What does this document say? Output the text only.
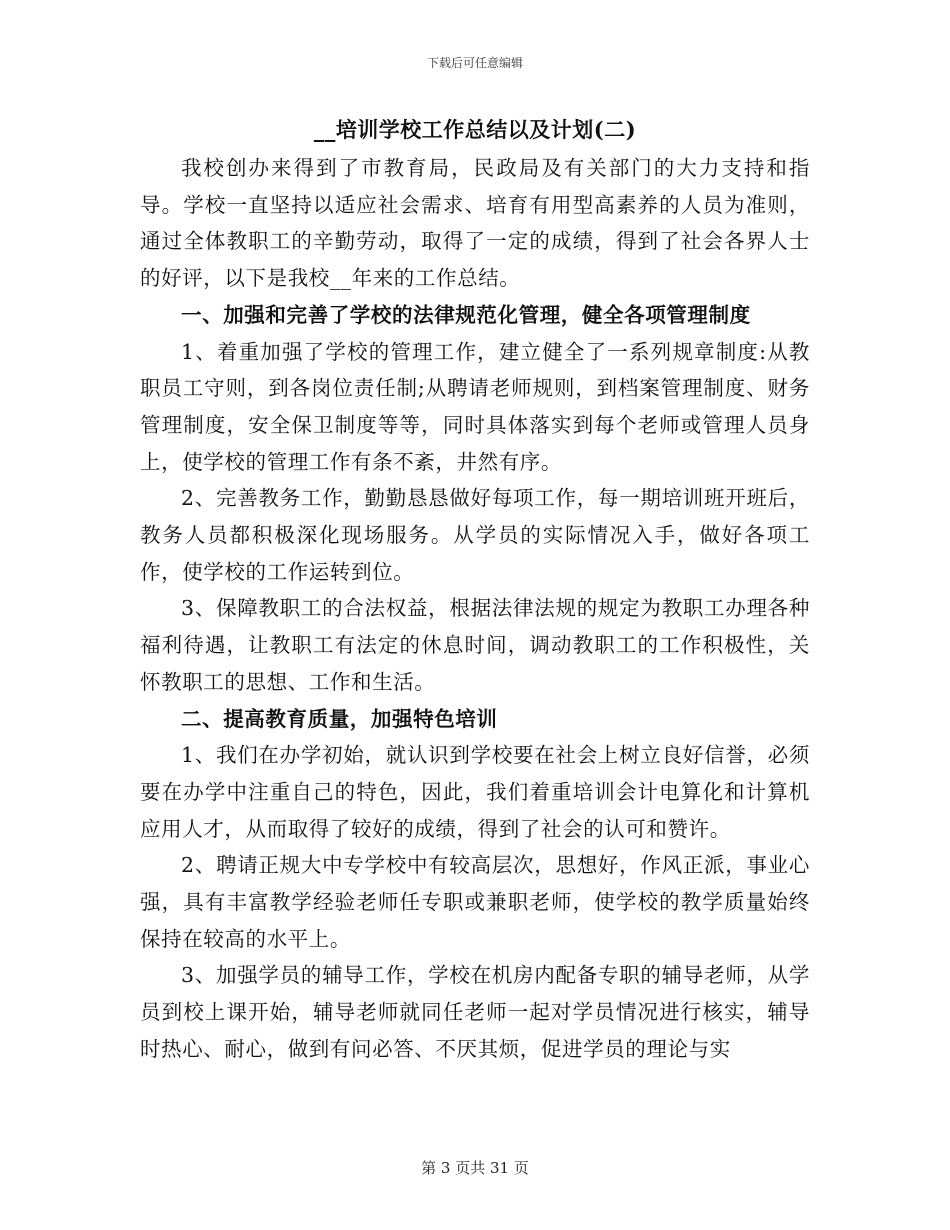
下载后可任意编辑
__培训学校工作总结以及计划(二)

我校创办来得到了市教育局，民政局及有关部门的大力支持和指导。学校一直坚持以适应社会需求、培育有用型高素养的人员为准则，通过全体教职工的辛勤劳动，取得了一定的成绩，得到了社会各界人士的好评，以下是我校__年来的工作总结。

一、加强和完善了学校的法律规范化管理，健全各项管理制度

1、着重加强了学校的管理工作，建立健全了一系列规章制度:从教职员工守则，到各岗位责任制;从聘请老师规则，到档案管理制度、财务管理制度，安全保卫制度等等，同时具体落实到每个老师或管理人员身上，使学校的管理工作有条不紊，井然有序。

2、完善教务工作，勤勤恳恳做好每项工作，每一期培训班开班后，教务人员都积极深化现场服务。从学员的实际情况入手，做好各项工作，使学校的工作运转到位。

3、保障教职工的合法权益，根据法律法规的规定为教职工办理各种福利待遇，让教职工有法定的休息时间，调动教职工的工作积极性，关怀教职工的思想、工作和生活。

二、提高教育质量，加强特色培训

1、我们在办学初始，就认识到学校要在社会上树立良好信誉，必须要在办学中注重自己的特色，因此，我们着重培训会计电算化和计算机应用人才，从而取得了较好的成绩，得到了社会的认可和赞许。

2、聘请正规大中专学校中有较高层次，思想好，作风正派，事业心强，具有丰富教学经验老师任专职或兼职老师，使学校的教学质量始终保持在较高的水平上。

3、加强学员的辅导工作，学校在机房内配备专职的辅导老师，从学员到校上课开始，辅导老师就同任老师一起对学员情况进行核实，辅导时热心、耐心，做到有问必答、不厌其烦，促进学员的理论与实

第 3 页共 31 页
